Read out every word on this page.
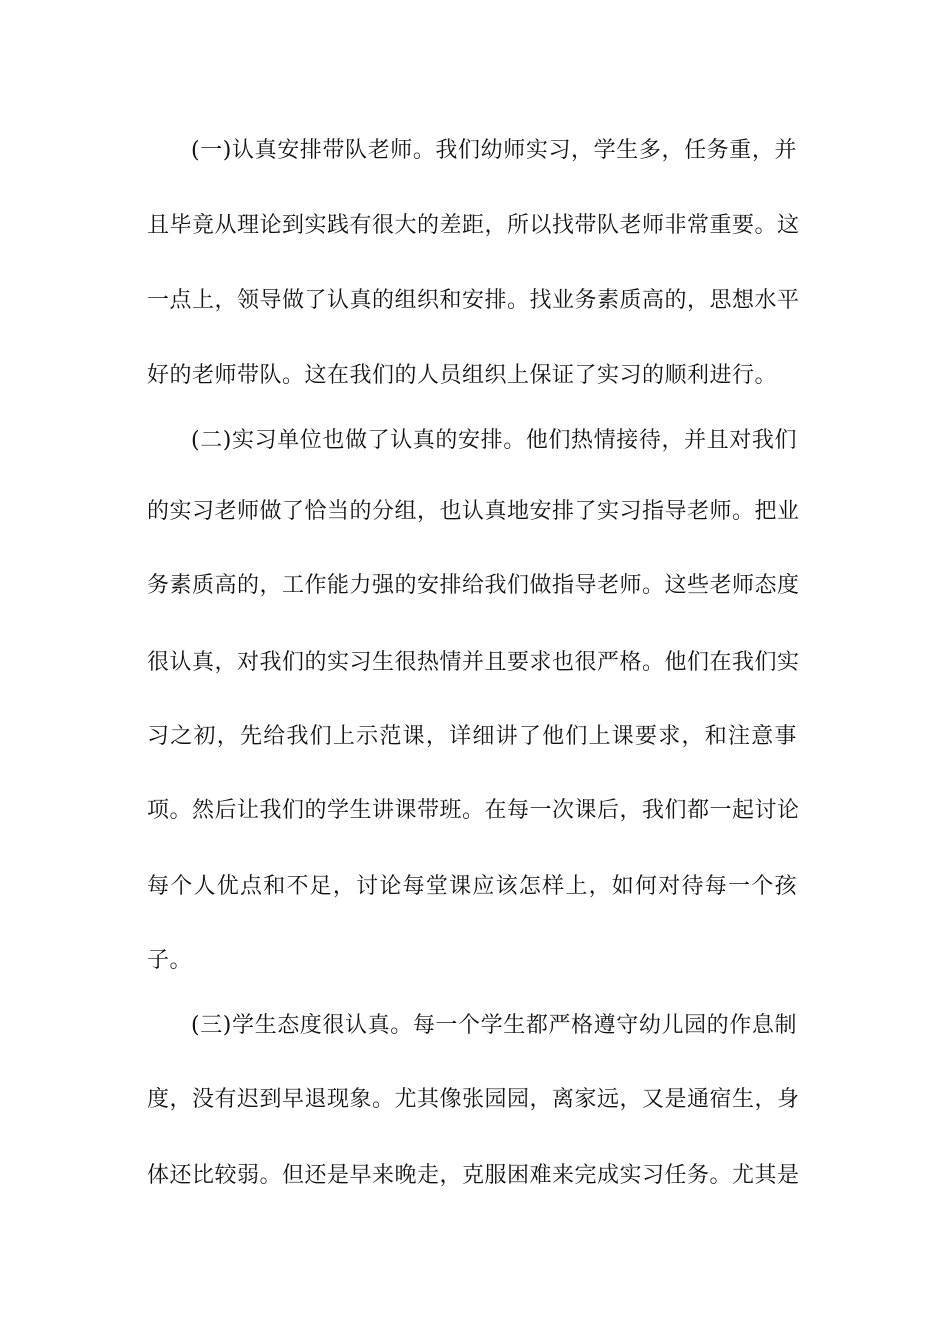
(一)认真安排带队老师。我们幼师实习，学生多，任务重，并
且毕竟从理论到实践有很大的差距，所以找带队老师非常重要。这
一点上，领导做了认真的组织和安排。找业务素质高的，思想水平
好的老师带队。这在我们的人员组织上保证了实习的顺利进行。
(二)实习单位也做了认真的安排。他们热情接待，并且对我们
的实习老师做了恰当的分组，也认真地安排了实习指导老师。把业
务素质高的，工作能力强的安排给我们做指导老师。这些老师态度
很认真，对我们的实习生很热情并且要求也很严格。他们在我们实
习之初，先给我们上示范课，详细讲了他们上课要求，和注意事
项。然后让我们的学生讲课带班。在每一次课后，我们都一起讨论
每个人优点和不足，讨论每堂课应该怎样上，如何对待每一个孩
子。
(三)学生态度很认真。每一个学生都严格遵守幼儿园的作息制
度，没有迟到早退现象。尤其像张园园，离家远，又是通宿生，身
体还比较弱。但还是早来晚走，克服困难来完成实习任务。尤其是
